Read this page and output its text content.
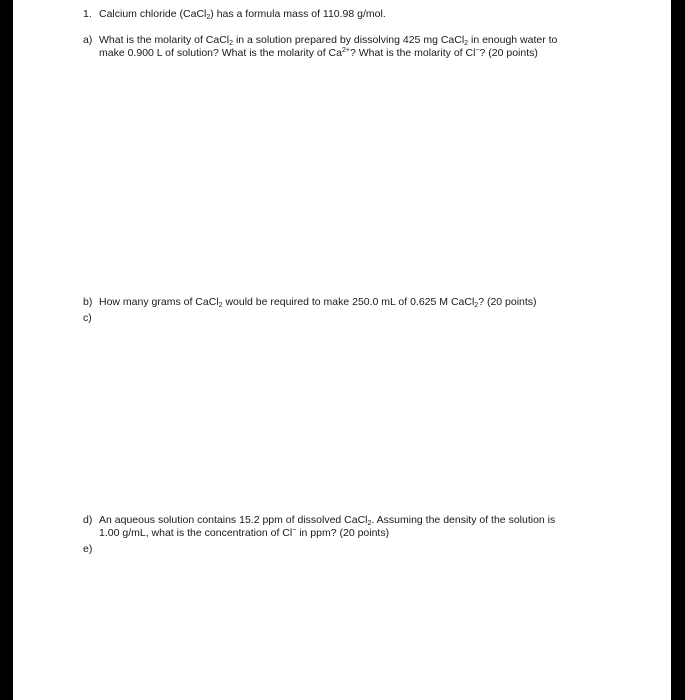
1. Calcium chloride (CaCl$_2$) has a formula mass of 110.98 g/mol.
a) What is the molarity of CaCl$_2$ in a solution prepared by dissolving 425 mg CaCl$_2$ in enough water to
make 0.900 L of solution? What is the molarity of $Ca^{2+}$? What is the molarity of Cl−? (20 points)
b) How many grams of CaCl$_2$ would be required to make 250.0 mL of 0.625 M CaCl$_2$? (20 points)
c)
d) An aqueous solution contains 15.2 ppm of dissolved CaCl$_2$. Assuming the density of the solution is
1.00 g/mL, what is the concentration of Cl− in ppm? (20 points)
e)
